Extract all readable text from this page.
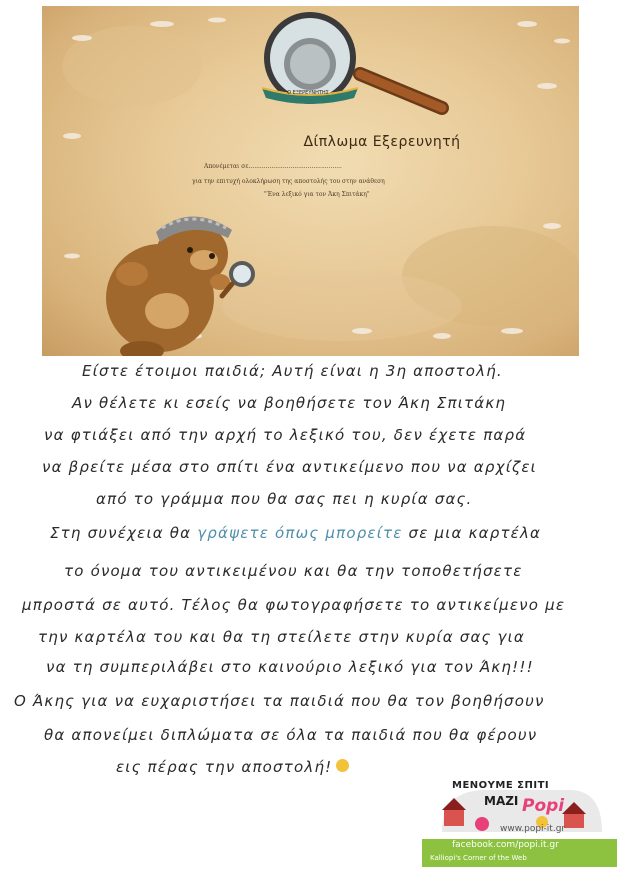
Ο ΕΞΕΡΕΥΝΗΤΗΣ
Δίπλωμα Εξερευνητή
Απονέμεται σε.................................................
για την επιτυχή ολοκλήρωση της αποστολής του στην ανάθεση
"Ένα λεξικό για τον Άκη Σπιτάκη"
Είστε έτοιμοι παιδιά; Αυτή είναι η 3η αποστολή.
Αν θέλετε κι εσείς να βοηθήσετε τον Άκη Σπιτάκη
να φτιάξει από την αρχή το λεξικό του, δεν έχετε παρά
να βρείτε μέσα στο σπίτι ένα αντικείμενο που να αρχίζει
από το γράμμα που θα σας πει η κυρία σας.
Στη συνέχεια θα γράψετε όπως μπορείτε σε μια καρτέλα
το όνομα του αντικειμένου και θα την τοποθετήσετε
μπροστά σε αυτό. Τέλος θα φωτογραφήσετε το αντικείμενο με
την καρτέλα του και θα τη στείλετε στην κυρία σας για
να τη συμπεριλάβει στο καινούριο λεξικό για τον Άκη!!!
Ο Άκης για να ευχαριστήσει τα παιδιά που θα τον βοηθήσουν
θα απονείμει διπλώματα σε όλα τα παιδιά που θα φέρουν
εις πέρας την αποστολή!
ΜΕΝΟΥΜΕ ΣΠΙΤΙ
ΜΑΖΙ Popi
www.popi-it.gr
facebook.com/popi.it.gr
Kalliopi's Corner of the Web
